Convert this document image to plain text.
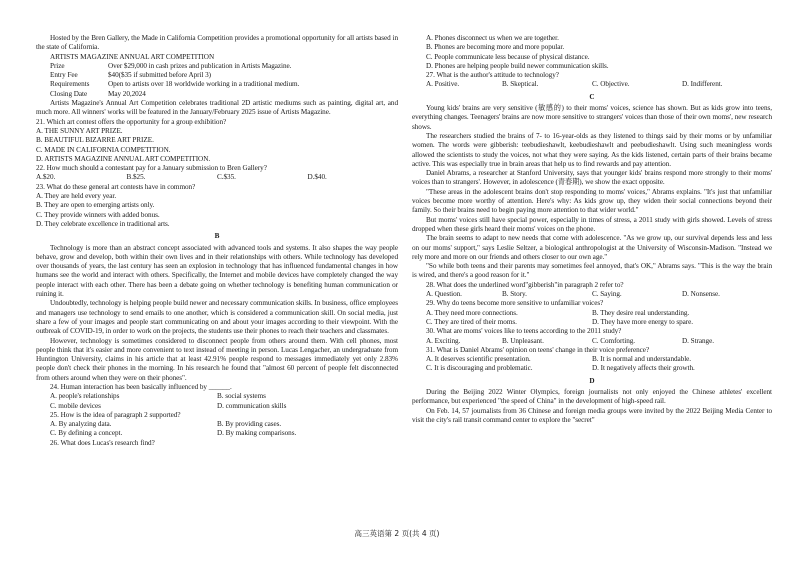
Hosted by the Bren Gallery, the Made in California Competition provides a promotional opportunity for all artists based in the state of California.
ARTISTS MAGAZINE ANNUAL ART COMPETITION
Prize	Over $29,000 in cash prizes and publication in Artists Magazine.
Entry Fee	$40($35 if submitted before April 3)
Requirements	Open to artists over 18 worldwide working in a traditional medium.
Closing Date	May 20,2024
Artists Magazine's Annual Art Competition celebrates traditional 2D artistic mediums such as painting, digital art, and much more. All winners' works will be featured in the January/February 2025 issue of Artists Magazine.
21. Which art contest offers the opportunity for a group exhibition?
A. THE SUNNY ART PRIZE.
B. BEAUTIFUL BIZARRE ART PRIZE.
C. MADE IN CALIFORNIA COMPETITION.
D. ARTISTS MAGAZINE ANNUAL ART COMPETITION.
22. How much should a contestant pay for a January submission to Bren Gallery?
A.$20.	B.$25.	C.$35.	D.$40.
23. What do these general art contests have in common?
A. They are held every year.
B. They are open to emerging artists only.
C. They provide winners with added bonus.
D. They celebrate excellence in traditional arts.
B
Technology is more than an abstract concept associated with advanced tools and systems. It also shapes the way people behave, grow and develop, both within their own lives and in their relationships with others. While technology has developed over thousands of years, the last century has seen an explosion in technology that has influenced fundamental changes in how humans see the world and interact with others. Specifically, the Internet and mobile devices have completely changed the way people interact with each other. There has been a debate going on whether technology is benefiting human communication or ruining it.
Undoubtedly, technology is helping people build newer and necessary communication skills. In business, office employees and managers use technology to send emails to one another, which is considered a communication skill. On social media, just share a few of your images and people start communicating on and about your images according to their viewpoint. With the outbreak of COVID-19, in order to work on the projects, the students use their phones to reach their teachers and classmates.
However, technology is sometimes considered to disconnect people from others around them. With cell phones, most people think that it's easier and more convenient to text instead of meeting in person. Lucas Lengacher, an undergraduate from Huntington University, claims in his article that at least 42.91% people respond to messages immediately yet only 2.83% people don't check their phones in the morning. In his research he found that "almost 60 percent of people felt disconnected from others around when they were on their phones".
24. Human interaction has been basically influenced by ______.
A. people's relationships	B. social systems
C. mobile devices	D. communication skills
25. How is the idea of paragraph 2 supported?
A. By analyzing data.	B. By providing cases.
C. By defining a concept.	D. By making comparisons.
26. What does Lucas's research find?
A. Phones disconnect us when we are together.
B. Phones are becoming more and more popular.
C. People communicate less because of physical distance.
D. Phones are helping people build newer communication skills.
27. What is the author's attitude to technology?
A. Positive.	B. Skeptical.	C. Objective.	D. Indifferent.
C
Young kids' brains are very sensitive (敏感的) to their moms' voices, science has shown. But as kids grow into teens, everything changes. Teenagers' brains are now more sensitive to strangers' voices than those of their own moms', new research shows.
The researchers studied the brains of 7- to 16-year-olds as they listened to things said by their moms or by unfamiliar women. The words were gibberish: teebudieshawlt, keebudieshawlt and peebudieshawlt. Using such meaningless words allowed the scientists to study the voices, not what they were saying. As the kids listened, certain parts of their brains became active. This was especially true in brain areas that help us to find rewards and pay attention.
Daniel Abrams, a researcher at Stanford University, says that younger kids' brains respond more strongly to their moms' voices than to strangers'. However, in adolescence (青春期), we show the exact opposite.
"These areas in the adolescent brains don't stop responding to moms' voices," Abrams explains. "It's just that unfamiliar voices become more worthy of attention. Here's why: As kids grow up, they widen their social connections beyond their family. So their brains need to begin paying more attention to that wider world."
But moms' voices still have special power, especially in times of stress, a 2011 study with girls showed. Levels of stress dropped when these girls heard their moms' voices on the phone.
The brain seems to adapt to new needs that come with adolescence. "As we grow up, our survival depends less and less on our moms' support," says Leslie Seltzer, a biological anthropologist at the University of Wisconsin-Madison. "Instead we rely more and more on our friends and others closer to our own age."
"So while both teens and their parents may sometimes feel annoyed, that's OK," Abrams says. "This is the way the brain is wired, and there's a good reason for it."
28. What does the underlined word"gibberish"in paragraph 2 refer to?
A. Question.	B. Story.	C. Saying.	D. Nonsense.
29. Why do teens become more sensitive to unfamiliar voices?
A. They need more connections.	B. They desire real understanding.
C. They are tired of their moms.	D. They have more energy to spare.
30. What are moms' voices like to teens according to the 2011 study?
A. Exciting.	B. Unpleasant.	C. Comforting.	D. Strange.
31. What is Daniel Abrams' opinion on teens' change in their voice preference?
A. It deserves scientific presentation.	B. It is normal and understandable.
C. It is discouraging and problematic.	D. It negatively affects their growth.
D
During the Beijing 2022 Winter Olympics, foreign journalists not only enjoyed the Chinese athletes' excellent performance, but experienced "the speed of China" in the development of high-speed rail.
On Feb. 14, 57 journalists from 36 Chinese and foreign media groups were invited by the 2022 Beijing Media Center to visit the city's rail transit command center to explore the "secret"
高三英语第 2 页(共 4 页)
